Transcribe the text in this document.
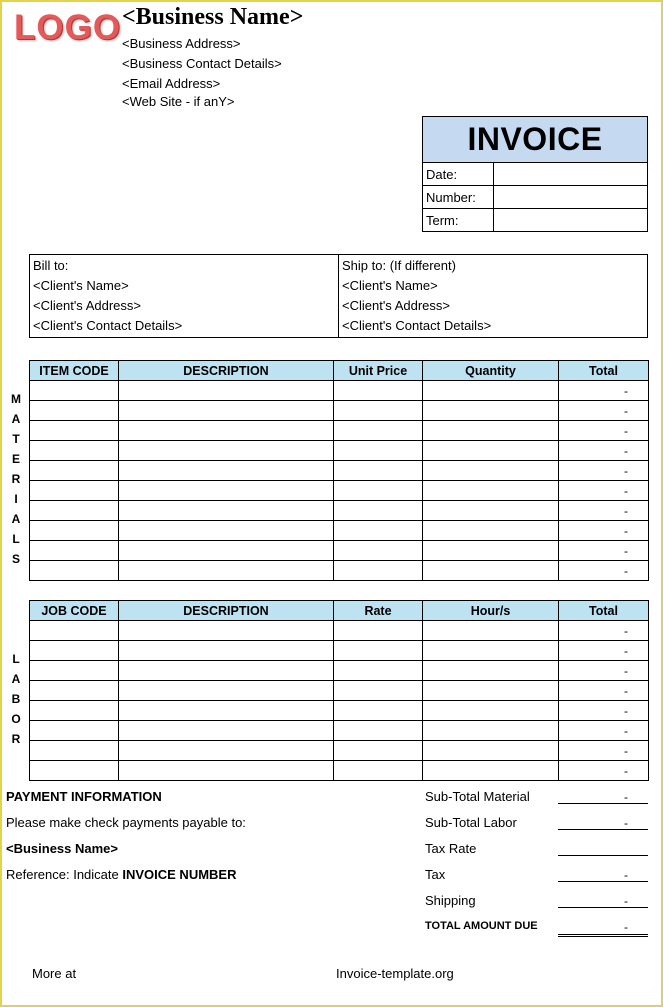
LOGO <Business Name>
<Business Address>
<Business Contact Details>
<Email Address>
<Web Site - if anY>
INVOICE	
Date:	
Number:	
Term:	
Bill to:
<Client's Name>
<Client's Address>
<Client's Contact Details>

Ship to: (If different)
<Client's Name>
<Client's Address>
<Client's Contact Details>
M
A
T
E
R
I
A
L
S
ITEM CODE	DESCRIPTION	Unit Price	Quantity	Total
				-
				-
				-
				-
				-
				-
				-
				-
				-
				-
L
A
B
O
R
JOB CODE	DESCRIPTION	Rate	Hour/s	Total
				-
				-
				-
				-
				-
				-
				-
				-
PAYMENT INFORMATION
Please make check payments payable to:
<Business Name>
Reference: Indicate INVOICE NUMBER
Sub-Total Material	-
Sub-Total Labor	-
Tax Rate
Tax	-
Shipping	-
TOTAL AMOUNT DUE	-
More at	Invoice-template.org
